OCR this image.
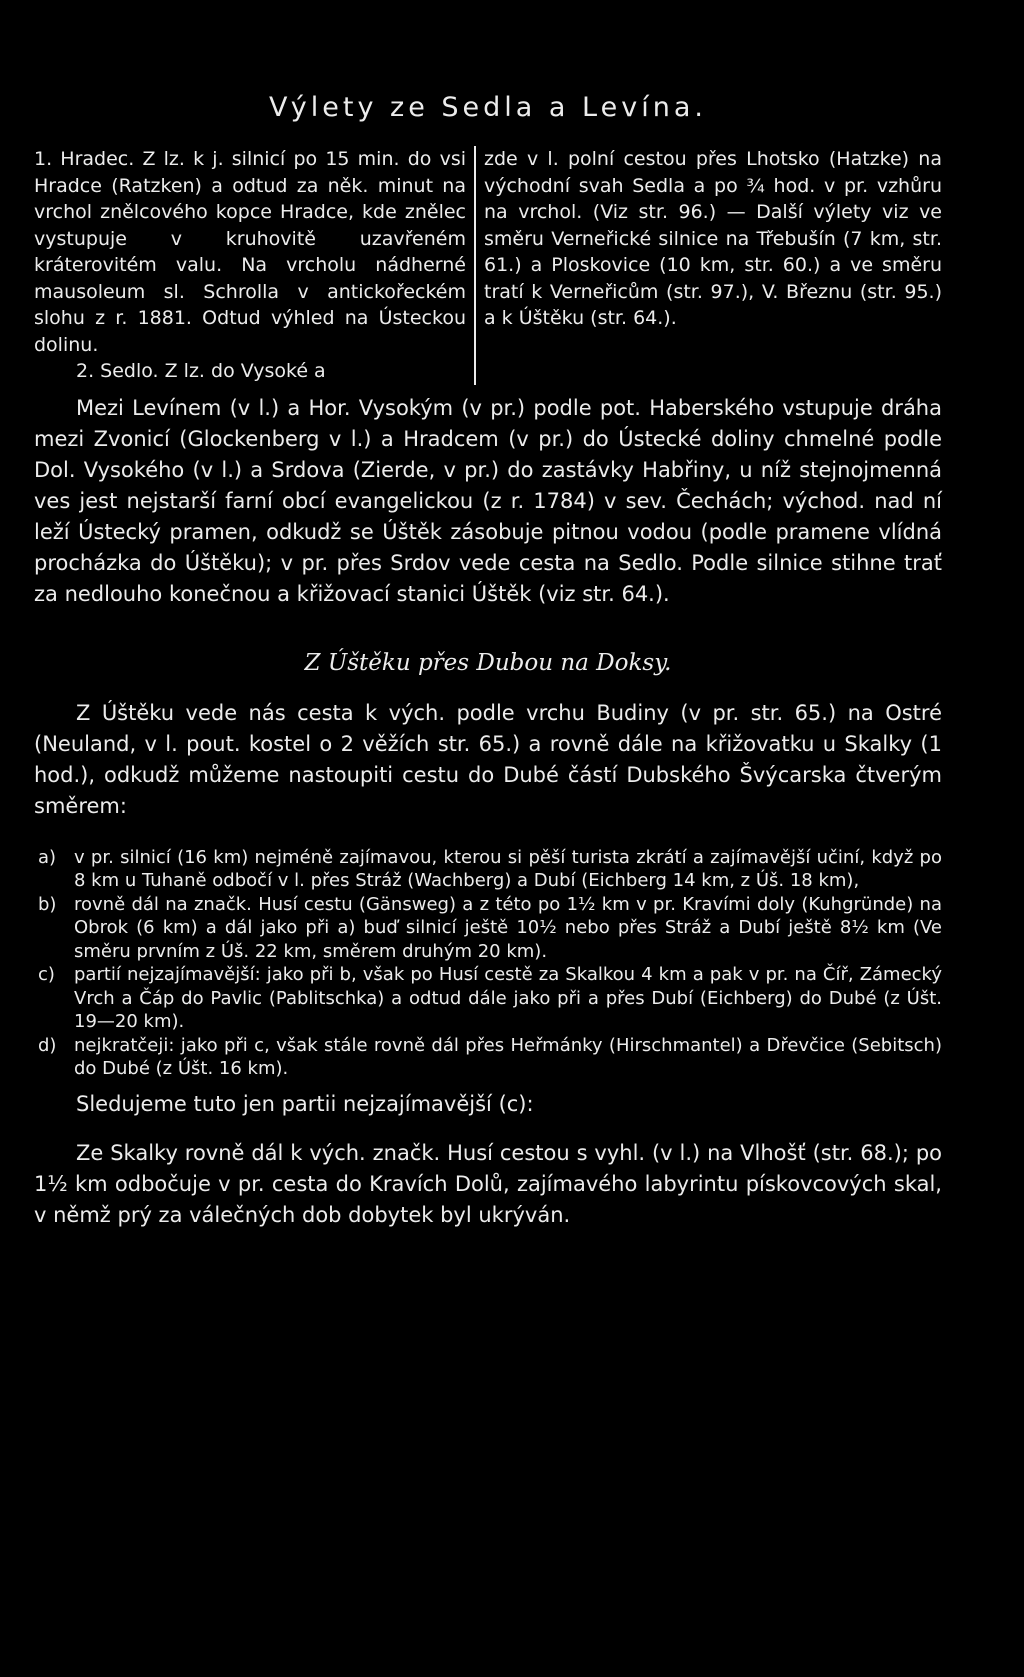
Výlety ze Sedla a Levína.
1. Hradec. Z lz. k j. silnicí po 15 min. do vsi Hradce (Ratzken) a odtud za něk. minut na vrchol znělcového kopce Hradce, kde znělec vystupuje v kruhovitě uzavřeném kráterovitém valu. Na vrcholu nádherné mausoleum sl. Schrolla v antickořeckém slohu z r. 1881. Odtud výhled na Ústeckou dolinu.
2. Sedlo. Z lz. do Vysoké a
zde v l. polní cestou přes Lhotsko (Hatzke) na východní svah Sedla a po ¾ hod. v pr. vzhůru na vrchol. (Viz str. 96.) — Další výlety viz ve směru Verneřické silnice na Třebušín (7 km, str. 61.) a Ploskovice (10 km, str. 60.) a ve směru tratí k Verneřicům (str. 97.), V. Březnu (str. 95.) a k Úštěku (str. 64.).

Mezi Levínem (v l.) a Hor. Vysokým (v pr.) podle pot. Haberského vstupuje dráha mezi Zvonicí (Glockenberg v l.) a Hradcem (v pr.) do Ústecké doliny chmelné podle Dol. Vysokého (v l.) a Srdova (Zierde, v pr.) do zastávky Habřiny, u níž stejnojmenná ves jest nejstarší farní obcí evangelickou (z r. 1784) v sev. Čechách; východ. nad ní leží Ústecký pramen, odkudž se Úštěk zásobuje pitnou vodou (podle pramene vlídná procházka do Úštěku); v pr. přes Srdov vede cesta na Sedlo. Podle silnice stihne trať za nedlouho konečnou a křižovací stanici Úštěk (viz str. 64.).

Z Úštěku přes Dubou na Doksy.

Z Úštěku vede nás cesta k vých. podle vrchu Budiny (v pr. str. 65.) na Ostré (Neuland, v l. pout. kostel o 2 věžích str. 65.) a rovně dále na křižovatku u Skalky (1 hod.), odkudž můžeme nastoupiti cestu do Dubé částí Dubského Švýcarska čtverým směrem:

a) v pr. silnicí (16 km) nejméně zajímavou, kterou si pěší turista zkrátí a zajímavější učiní, když po 8 km u Tuhaně odbočí v l. přes Stráž (Wachberg) a Dubí (Eichberg 14 km, z Úš. 18 km),
b) rovně dál na značk. Husí cestu (Gänsweg) a z této po 1½ km v pr. Kravími doly (Kuhgründe) na Obrok (6 km) a dál jako při a) buď silnicí ještě 10½ nebo přes Stráž a Dubí ještě 8½ km (Ve směru prvním z Úš. 22 km, směrem druhým 20 km).
c)	partií nejzajímavější: jako při b, však po Husí cestě za Skalkou 4 km a pak v pr. na Číř, Zámecký Vrch a Čáp do Pavlic (Pablitschka) a odtud dále jako při a přes Dubí (Eichberg) do Dubé (z Úšt. 19—20 km).
d) nejkratčeji: jako při c, však stále rovně dál přes Heřmánky (Hirschmantel) a Dřevčice (Sebitsch) do Dubé (z Úšt. 16 km).
Sledujeme tuto jen partii nejzajímavější (c):

Ze Skalky rovně dál k vých. značk. Husí cestou s vyhl. (v l.) na Vlhošť (str. 68.); po 1½ km odbočuje v pr. cesta do Kravích Dolů, zajímavého labyrintu pískovcových skal, v němž prý za válečných dob dobytek byl ukrýván.
